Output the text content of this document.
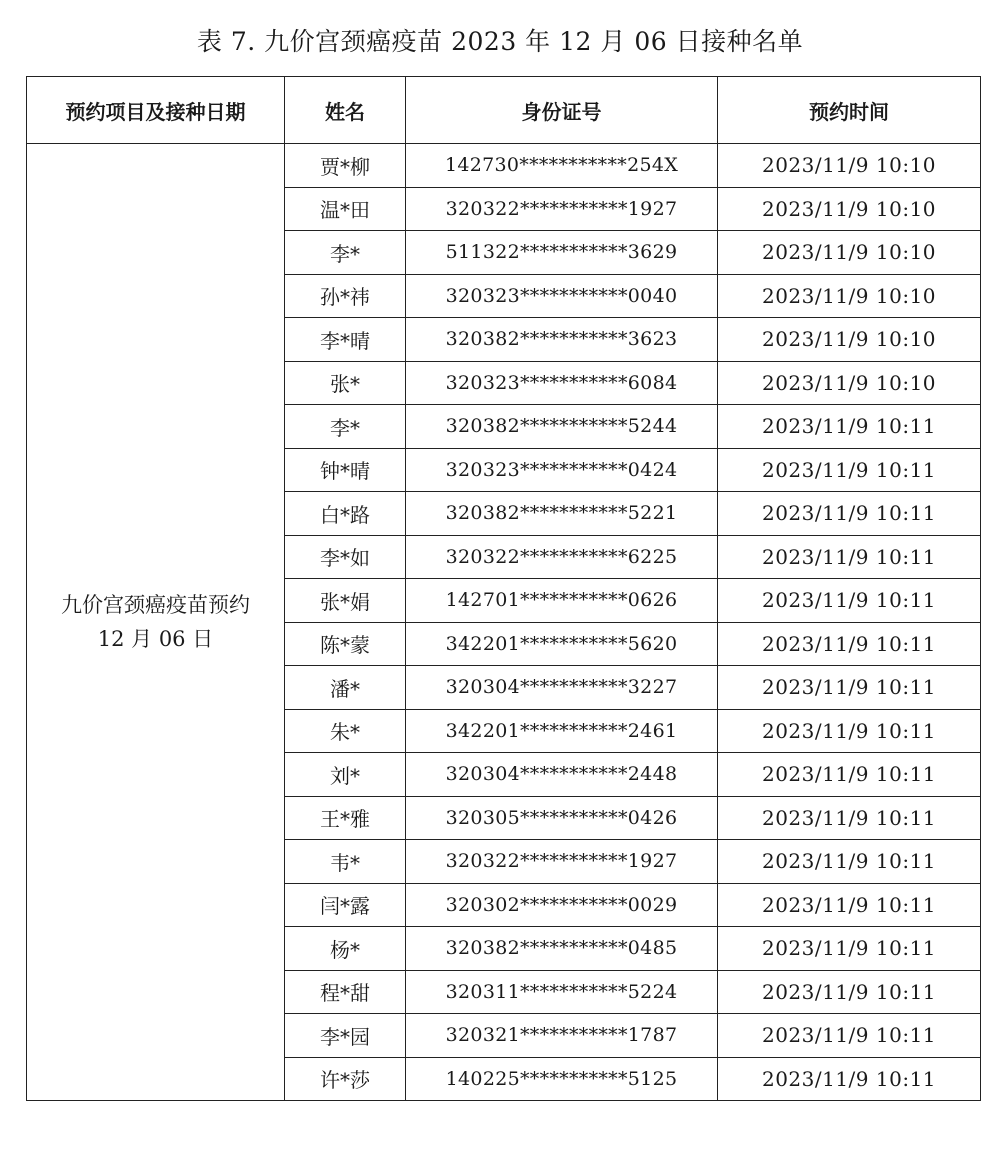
表 7. 九价宫颈癌疫苗 2023 年 12 月 06 日接种名单
预约项目及接种日期	姓名	身份证号	预约时间

九价宫颈癌疫苗预约
12 月 06 日	贾*柳	142730***********254X	2023/11/9 10:10
	温*田	320322***********1927	2023/11/9 10:10
	李*	511322***********3629	2023/11/9 10:10
	孙*祎	320323***********0040	2023/11/9 10:10
	李*晴	320382***********3623	2023/11/9 10:10
	张*	320323***********6084	2023/11/9 10:10
	李*	320382***********5244	2023/11/9 10:11
	钟*晴	320323***********0424	2023/11/9 10:11
	白*路	320382***********5221	2023/11/9 10:11
	李*如	320322***********6225	2023/11/9 10:11
	张*娟	142701***********0626	2023/11/9 10:11
	陈*蒙	342201***********5620	2023/11/9 10:11
	潘*	320304***********3227	2023/11/9 10:11
	朱*	342201***********2461	2023/11/9 10:11
	刘*	320304***********2448	2023/11/9 10:11
	王*雅	320305***********0426	2023/11/9 10:11
	韦*	320322***********1927	2023/11/9 10:11
	闫*露	320302***********0029	2023/11/9 10:11
	杨*	320382***********0485	2023/11/9 10:11
	程*甜	320311***********5224	2023/11/9 10:11
	李*园	320321***********1787	2023/11/9 10:11
	许*莎	140225***********5125	2023/11/9 10:11
